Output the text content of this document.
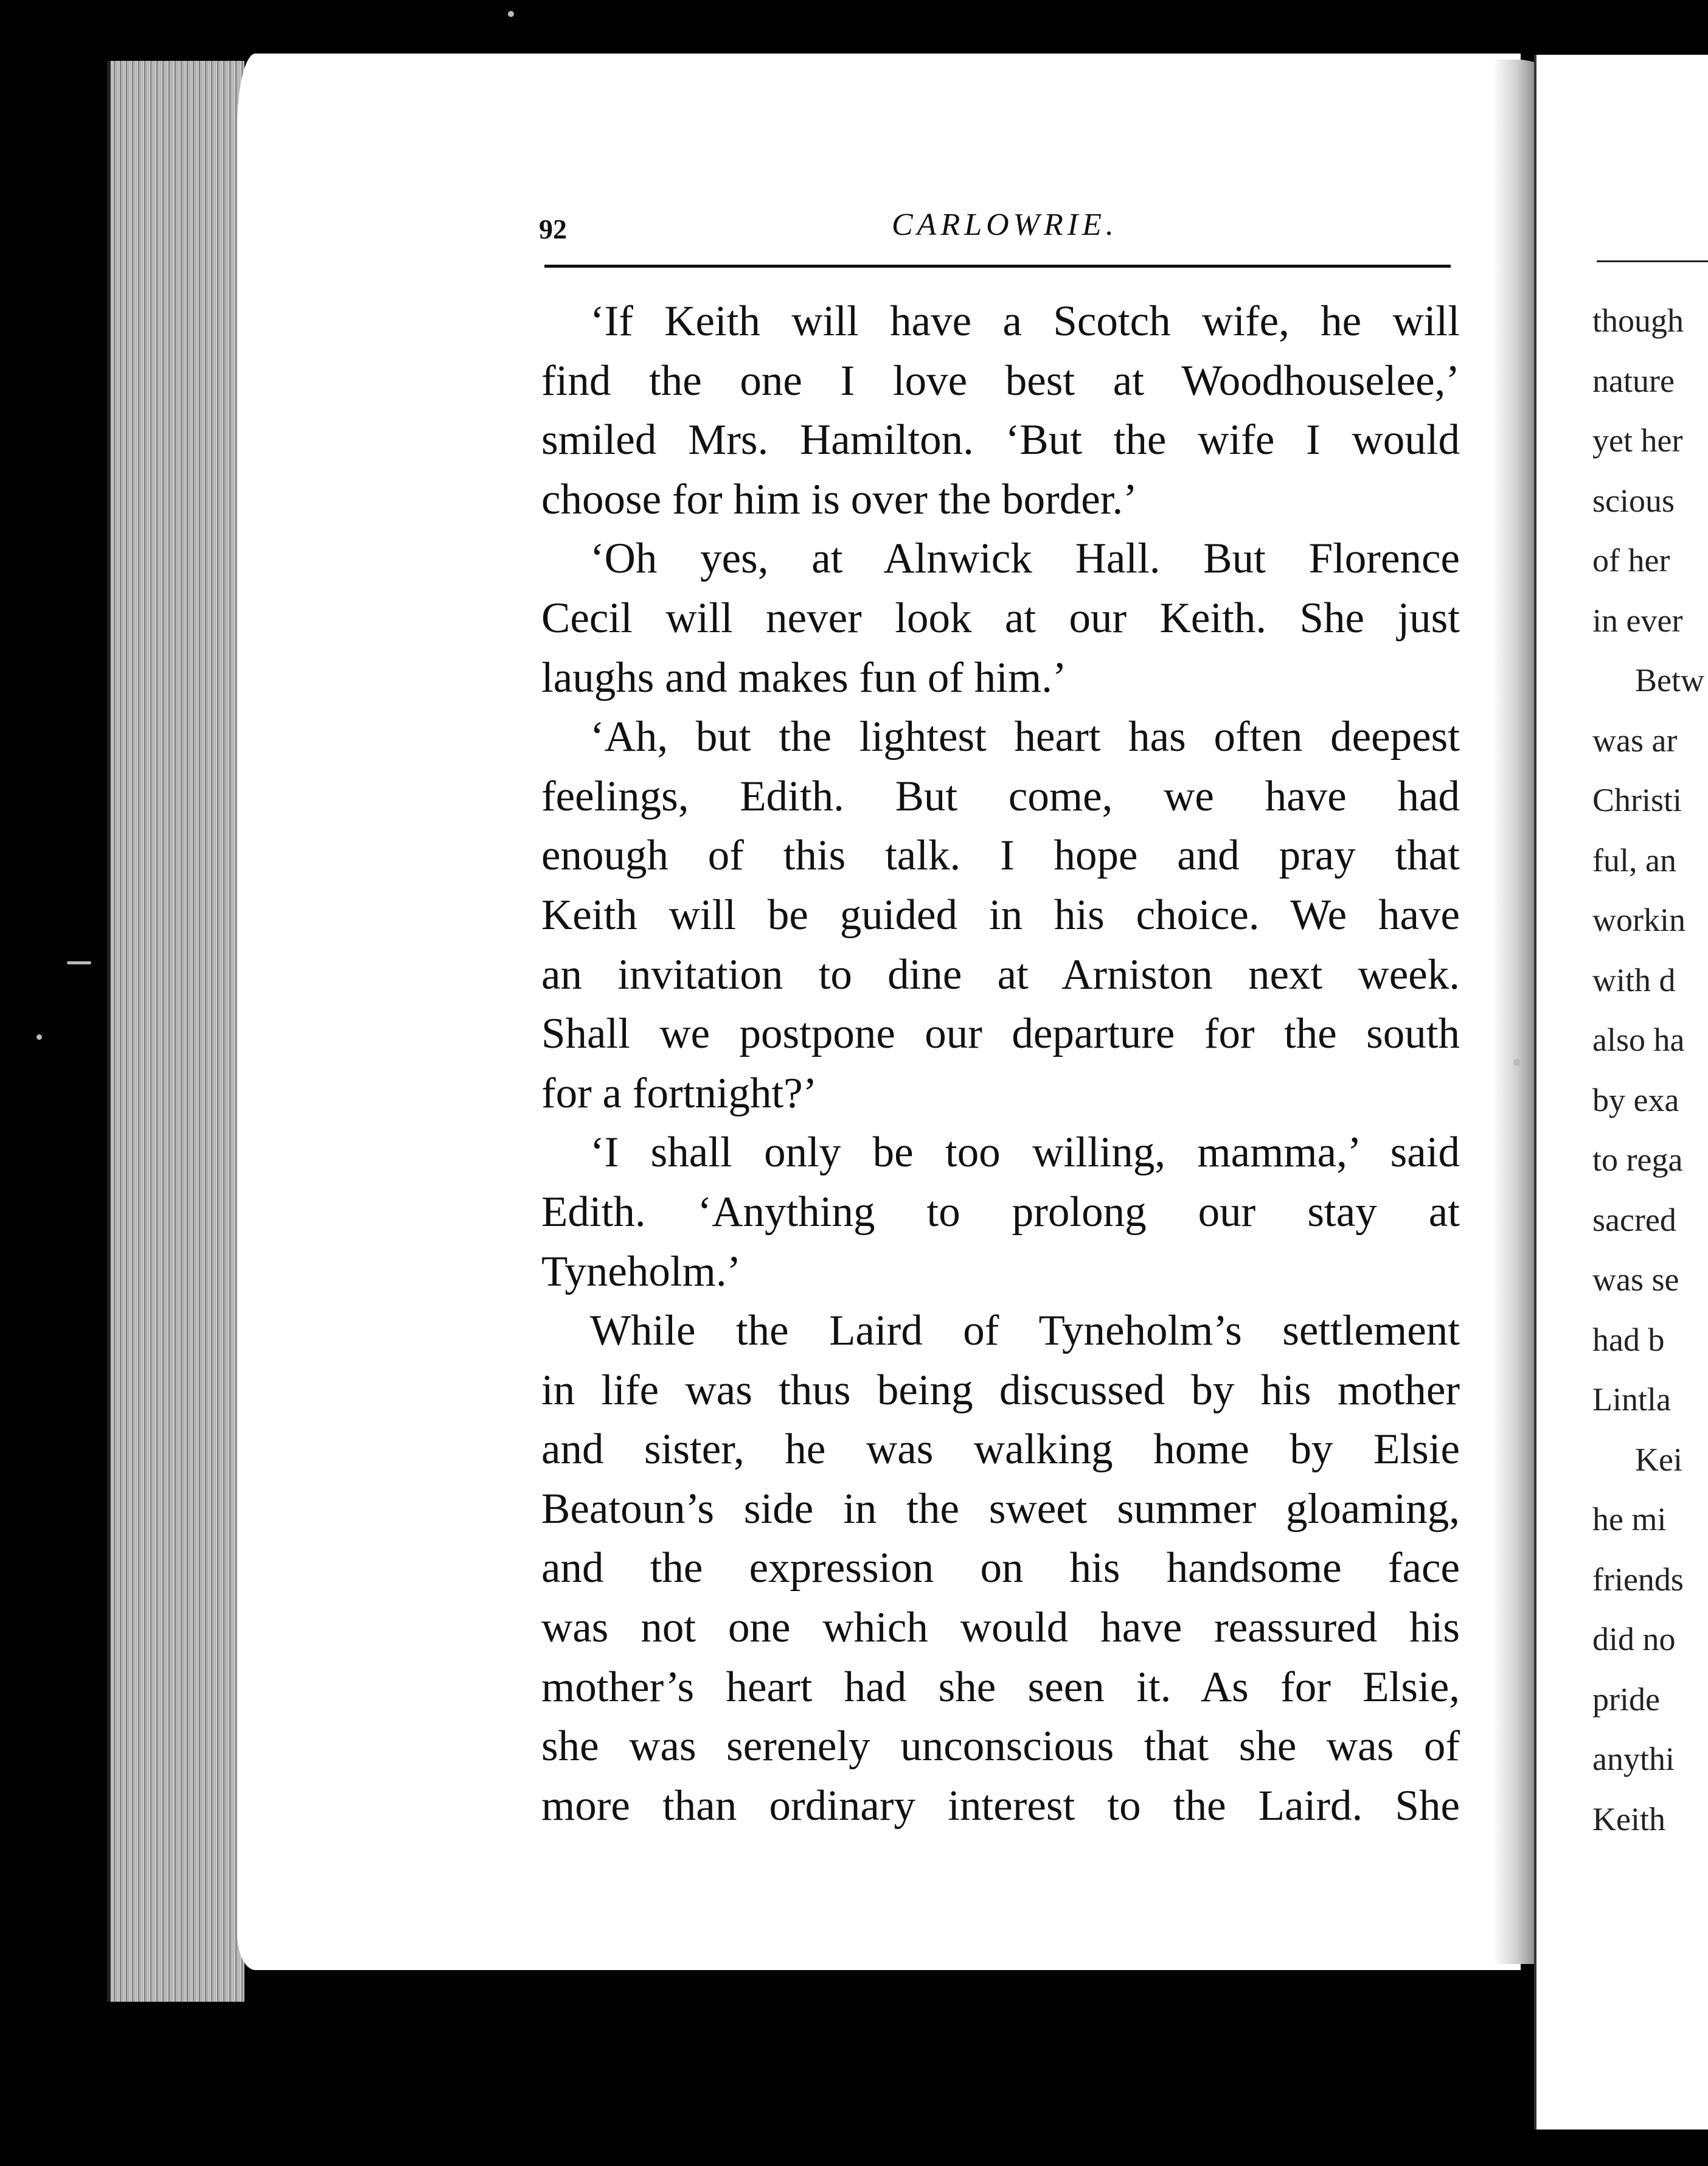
92	CARLOWRIE.
‘If Keith will have a Scotch wife, he will
find the one I love best at Woodhouselee,’
smiled Mrs. Hamilton. ‘But the wife I would
choose for him is over the border.’
‘Oh yes, at Alnwick Hall. But Florence
Cecil will never look at our Keith. She just
laughs and makes fun of him.’
‘Ah, but the lightest heart has often deepest
feelings, Edith. But come, we have had
enough of this talk. I hope and pray that
Keith will be guided in his choice. We have
an invitation to dine at Arniston next week.
Shall we postpone our departure for the south
for a fortnight?’
‘I shall only be too willing, mamma,’ said
Edith. ‘Anything to prolong our stay at
Tyneholm.’
While the Laird of Tyneholm’s settlement
in life was thus being discussed by his mother
and sister, he was walking home by Elsie
Beatoun’s side in the sweet summer gloaming,
and the expression on his handsome face
was not one which would have reassured his
mother’s heart had she seen it. As for Elsie,
she was serenely unconscious that she was of
more than ordinary interest to the Laird. She
though
nature
yet her
scious
of her
in ever
Betw
was ar
Christi
ful, an
workin
with d
also ha
by exa
to rega
sacred
was se
had b
Lintla
Kei
he mi
friends
did no
pride
anythi
Keith
